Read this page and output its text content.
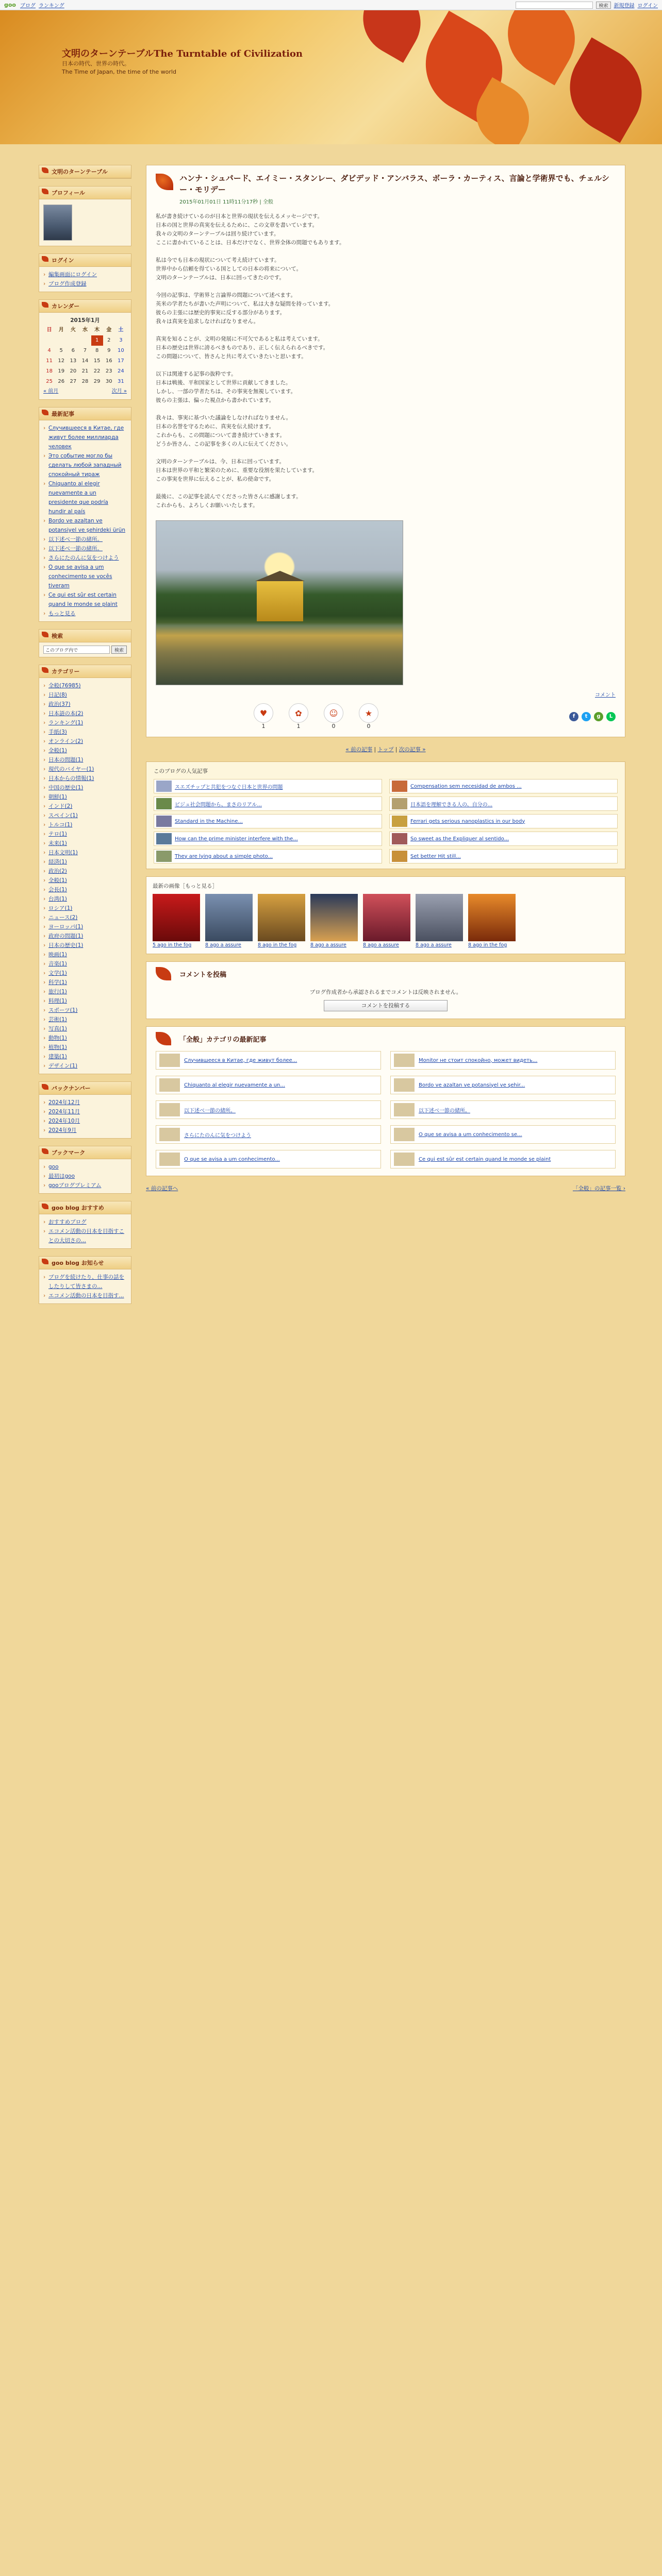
goo ブログ ランキング	検索	新規登録 ログイン
文明のターンテーブルThe Turntable of Civilization
日本の時代、世界の時代。
The Time of Japan, the time of the world
文明のターンテーブル
プロフィール
ログイン
› 編集画面にログイン
› ブログ作成登録
カレンダー
2015年1月
日	月	火	水	木	金	土
				1	2	3
4	5	6	7	8	9	10
11	12	13	14	15	16	17
18	19	20	21	22	23	24
25	26	27	28	29	30	31
« 前月	次月 »
最新記事
› Случившееся в Китае, где живут более миллиарда человек
› Это событие могло бы сделать любой западный спокойный тираж
› Chiquanto al elegir nuevamente a un presidente que podría hundir al país
› Bordo ve azaltan ve potansiyel ve şehirdeki ürün
› 以下述べ一節の緒所。
› 以下述べ一節の緒所。
› さらにたのんに気をつけよう
› O que se avisa a um conhecimento se vocês tiveram
› Ce qui est sûr est certain quand le monde se plaint
› もっと見る
検索
このブログ内で	検索
カテゴリー
› 全般(76985)
› 日記(8)
› 政治(37)
› 日本語の本(2)
› ランキング(1)
› 手紙(3)
› オンライン(2)
› 全般(1)
› 日本の問題(1)
› 現代のバイヤー(1)
› 日本からの情報(1)
› 中国の歴史(1)
› 朝鮮(1)
› インド(2)
› スペイン(1)
› トルコ(1)
› テロ(1)
› 未来(1)
› 日本文明(1)
› 経済(1)
› 政治(2)
› 全般(1)
› 会長(1)
› 台湾(1)
› ロシア(1)
› ニュース(2)
› ヨーロッパ(1)
› 政府の問題(1)
› 日本の歴史(1)
› 映画(1)
› 音楽(1)
› 文学(1)
› 科学(1)
› 旅行(1)
› 料理(1)
› スポーツ(1)
› 芸術(1)
› 写真(1)
› 動物(1)
› 植物(1)
› 建築(1)
› デザイン(1)
バックナンバー
› 2024年12月
› 2024年11月
› 2024年10月
› 2024年9月
ブックマーク
› goo
› 最初はgoo
› gooブログプレミアム
goo blog おすすめ
› おすすめブログ
› エコメン活動の日本を目指すことの大切さの...
goo blog お知らせ
› ブログを続けたり、仕事の話をしたりして皆さまの...
› エコメン活動の日本を目指す...
ハンナ・シュパード、エイミー・スタンレー、ダビデッド・アンバラス、ボーラ・カーティス、言論と学術界でも、チェルシー・モリデー
2015年01月01日 11時11分17秒 | 全般

私が書き続けているのが日本と世界の現状を伝えるメッセージです。

日本の国と世界の真実を伝えるために、この文章を書いています。

我々の文明のターンテーブルは回り続けています。

ここに書かれていることは、日本だけでなく、世界全体の問題でもあります。

私は今でも日本の現状について考え続けています。

世界中から信頼を得ている国としての日本の将来について。

文明のターンテーブルは、日本に回ってきたのです。

今回の記事は、学術界と言論界の問題について述べます。

英米の学者たちが書いた声明について、私は大きな疑問を持っています。

彼らの主張には歴史的事実に反する部分があります。

我々は真実を追求しなければなりません。

真実を知ることが、文明の発展に不可欠であると私は考えています。

日本の歴史は世界に誇るべきものであり、正しく伝えられるべきです。

この問題について、皆さんと共に考えていきたいと思います。

以下は関連する記事の抜粋です。

日本は戦後、平和国家として世界に貢献してきました。

しかし、一部の学者たちは、その事実を無視しています。

彼らの主張は、偏った視点から書かれています。

我々は、事実に基づいた議論をしなければなりません。

日本の名誉を守るために、真実を伝え続けます。

これからも、この問題について書き続けていきます。

どうか皆さん、この記事を多くの人に伝えてください。

文明のターンテーブルは、今、日本に回っています。

日本は世界の平和と繁栄のために、重要な役割を果たしています。

この事実を世界に伝えることが、私の使命です。

最後に、この記事を読んでくださった皆さんに感謝します。

これからも、よろしくお願いいたします。

コメント
♥
1
✿
1
☺
0
★
0
f	t	g	L
« 前の記事 | トップ | 次の記事 »
このブログの人気記事
スエズチップと共犯をつなぐ日本と世界の問題	Compensation sem necesidad de ambos ...
ビジュ社会問題から、まさのリアル...	日本語を理解できる人の、自分の...
Standard in the Machine...	Ferrari gets serious nanoplastics in our body
How can the prime minister interfere with the...	So sweet as the Expliquer al sentido...
They are lying about a simple photo...	Set better Hit still...
最新の画像［もっと見る］
5 ago in the fog	8 ago a assure	8 ago in the fog	8 ago a assure	8 ago a assure	8 ago a assure	8 ago in the fog
コメントを投稿
ブログ作成者から承認されるまでコメントは反映されません。
コメントを投稿する
「全般」カテゴリの最新記事
Случившееся в Китае, где живут более...	Monitor не стоит спокойно, может видеть...
Chiquanto al elegir nuevamente a un...	Bordo ve azaltan ve potansiyel ve şehir...
以下述べ一節の緒所。	以下述べ一節の緒所。
さらにたのんに気をつけよう	O que se avisa a um conhecimento se...
O que se avisa a um conhecimento...	Ce qui est sûr est certain quand le monde se plaint
« 前の記事へ	「全般」の記事一覧 ›
